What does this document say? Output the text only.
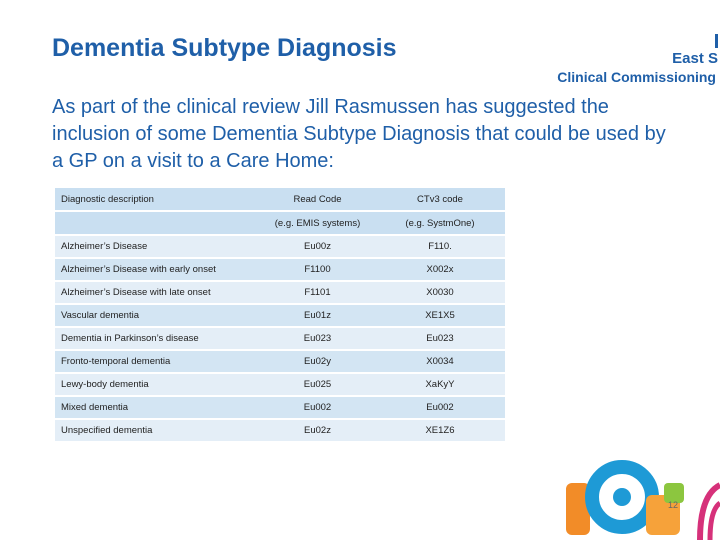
Dementia Subtype Diagnosis	East S
Clinical Commissioning
As part of the clinical review Jill Rasmussen has suggested the inclusion of some Dementia Subtype Diagnosis that could be used by a GP on a visit to a Care Home:
Diagnostic description	Read Code	CTv3 code
	(e.g. EMIS systems)	(e.g. SystmOne)
Alzheimer’s Disease	Eu00z	F110.
Alzheimer’s Disease with early onset	F1100	X002x
Alzheimer’s Disease with late onset	F1101	X0030
Vascular dementia	Eu01z	XE1X5
Dementia in Parkinson’s disease	Eu023	Eu023
Fronto-temporal dementia	Eu02y	X0034
Lewy-body dementia	Eu025	XaKyY
Mixed dementia	Eu002	Eu002
Unspecified dementia	Eu02z	XE1Z6
12
